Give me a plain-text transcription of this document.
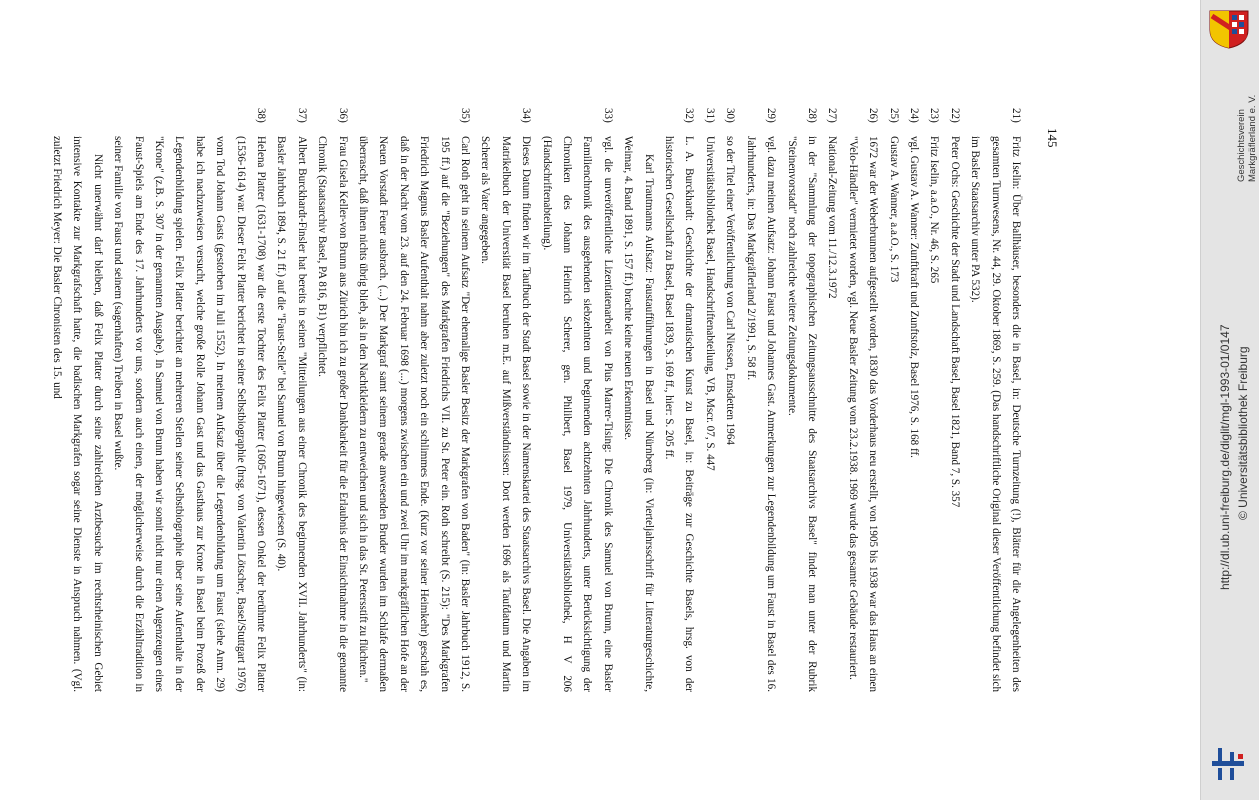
21)

Fritz Iselin: Über Ballhäuser, besonders die in Basel, in: Deutsche Turnzeitung (!), Blätter für die Angelegenheiten des gesamten Turnwesens, Nr. 44, 29. Oktober 1869, S. 259. (Das handschriftliche Original dieser Veröffentlichung befindet sich im Basler Staatsarchiv unter PA 532).

22)

Peter Ochs: Geschichte der Stadt und Landschaft Basel, Basel 1821, Band 7, S. 357

23)

Fritz Iselin, a.a.O., Nr. 46, S. 265

24)

vgl. Gustav A. Wanner: Zunftkraft und Zunftstolz, Basel 1976, S. 168 ff.

25)

Gustav A. Wanner, a.a.O., S. 173

26)

1672 war der Weberbrunnen aufgestellt worden, 1830 das Vorderhaus neu erstellt, von 1905 bis 1938 war das Haus an einen "Velo-Händler" vermietet worden, vgl. Neue Basler Zeitung vom 23.2.1938. 1969 wurde das gesamte Gebäude restauriert.

27)

National-Zeitung vom 11./12.3.1972

28)

in der "Sammlung der topographischen Zeitungsausschnitte des Staatsarchivs Basel" findet man unter der Rubrik "Steinenvorstadt" noch zahlreiche weitere Zeitungsdokumente.

29)

vgl. dazu meinen Aufsatz: Johann Faust und Johannes Gast. Anmerkungen zur Legendenbildung um Faust in Basel des 16. Jahrhunderts, in: Das Markgräflerland 2/1991, S. 58 ff.

30)

so der Titel einer Veröffentlichung von Carl Niessen, Emsdetten 1964

31)

Universitätsbibliothek Basel, Handschriftenabteilung, VB, Mscr. 07, S. 447

32)

L. A. Burckhardt: Geschichte der dramatischen Kunst zu Basel, in: Beiträge zur Geschichte Basels, hrsg. von der historischen Gesellschaft zu Basel, Basel 1839, S. 169 ff., hier: S. 205 ff.

Karl Trautmanns Aufsatz: Faustaufführungen in Basel und Nürnberg (in: Vierteljahrsschrift für Litteraturgeschichte, Weimar, 4. Band 1891, S. 157 ff.) brachte keine neuen Erkenntnisse.

33)

vgl. die unveröffentlichte Lizentiatenarbeit von Pius Marrer-Tising: Die Chronik des Samuel von Brunn, eine Basler Familienchronik des ausgehenden siebzehnten und beginnenden achtzehnten Jahrhunderts, unter Berücksichtigung der Chroniken des Johann Heinrich Scherer, gen. Philibert, Basel 1979, Universitätsbibliothek, H V 206 (Handschriftenabteilung).

34)

Dieses Datum finden wir im Taufbuch der Stadt Basel sowie in der Namenskartei des Staatsarchivs Basel. Die Angaben im Matrikelbuch der Universität Basel beruhen m.E. auf Mißverständnissen: Dort werden 1696 als Taufdatum und Martin Scherer als Vater angegeben.

35)

Carl Roth geht in seinem Aufsatz "Der ehemalige Basler Besitz der Markgrafen von Baden" (in: Basler Jahrbuch 1912, S. 195 ff.) auf die "Beziehungen" des Markgrafen Friedrichs VII. zu St. Peter ein. Roth schreibt (S. 215): "Des Markgrafen Friedrich Magnus Basler Aufenthalt nahm aber zuletzt noch ein schlimmes Ende. (Kurz vor seiner Heimkehr) geschah es, daß in der Nacht vom 23. auf den 24. Februar 1698 (...) morgens zwischen ein und zwei Uhr im markgräflichen Hofe an der Neuen Vorstadt Feuer ausbrach. (...) Der Markgraf samt seinem gerade anwesenden Bruder wurden im Schlafe dermaßen überrascht, daß ihnen nichts übrig blieb, als in den Nachtkleidern zu entweichen und sich in das St. Petersstift zu flüchten."

36)

Frau Gisela Keller-von Brunn aus Zürich bin ich zu großer Dankbarkeit für die Erlaubnis der Einsichtnahme in die genannte Chronik (Staatsarchiv Basel, PA 816, B1) verpflichtet.

37)

Albert Burckhardt-Finsler hat bereits in seinen "Mitteilungen aus einer Chronik des beginnenden XVII. Jahrhunderts" (in: Basler Jahrbuch 1894, S. 21 ff.) auf die "Faust-Stelle" bei Samuel von Brunn hingewiesen (S. 40).

38)

Helena Platter (1631-1708) war die erste Tochter des Felix Platter (1605-1671), dessen Onkel der berühmte Felix Platter (1536-1614) war. Dieser Felix Platter berichtet in seiner Selbstbiographie (hrsg. von Valentin Lötscher, Basel/Stuttgart 1976) vom Tod Johann Gasts (gestorben im Juli 1552). In meinem Aufsatz über die Legendenbildung um Faust (siehe Anm. 29) habe ich nachzuweisen versucht, welche große Rolle Johann Gast und das Gasthaus zur Krone in Basel beim Prozeß der Legendenbildung spielen. Felix Platter berichtet an mehreren Stellen seiner Selbstbiographie über seine Aufenthalte in der "Krone" (z.B. S. 307 in der genannten Ausgabe). In Samuel von Brunn haben wir somit nicht nur einen Augenzeugen eines Faust-Spiels am Ende des 17. Jahrhunderts vor uns, sondern auch einen, der möglicherweise durch die Erzähltradition in seiner Familie von Faust und seinem (sagenhaften) Treiben in Basel wußte.

Nicht unerwähnt darf bleiben, daß Felix Platter durch seine zahlreichen Arztbesuche im rechtsrheinischen Gebiet intensive Kontakte zur Markgrafschaft hatte, die badischen Markgrafen sogar seine Dienste in Anspruch nahmen. (Vgl. zuletzt Friedrich Meyer: Die Basler Chronisten des 15. und	145	Geschichtsverein Markgräflerland e. V.
http://dl.ub.uni-freiburg.de/diglit/mgl-1993-01/0147 © Universitätsbibliothek Freiburg
